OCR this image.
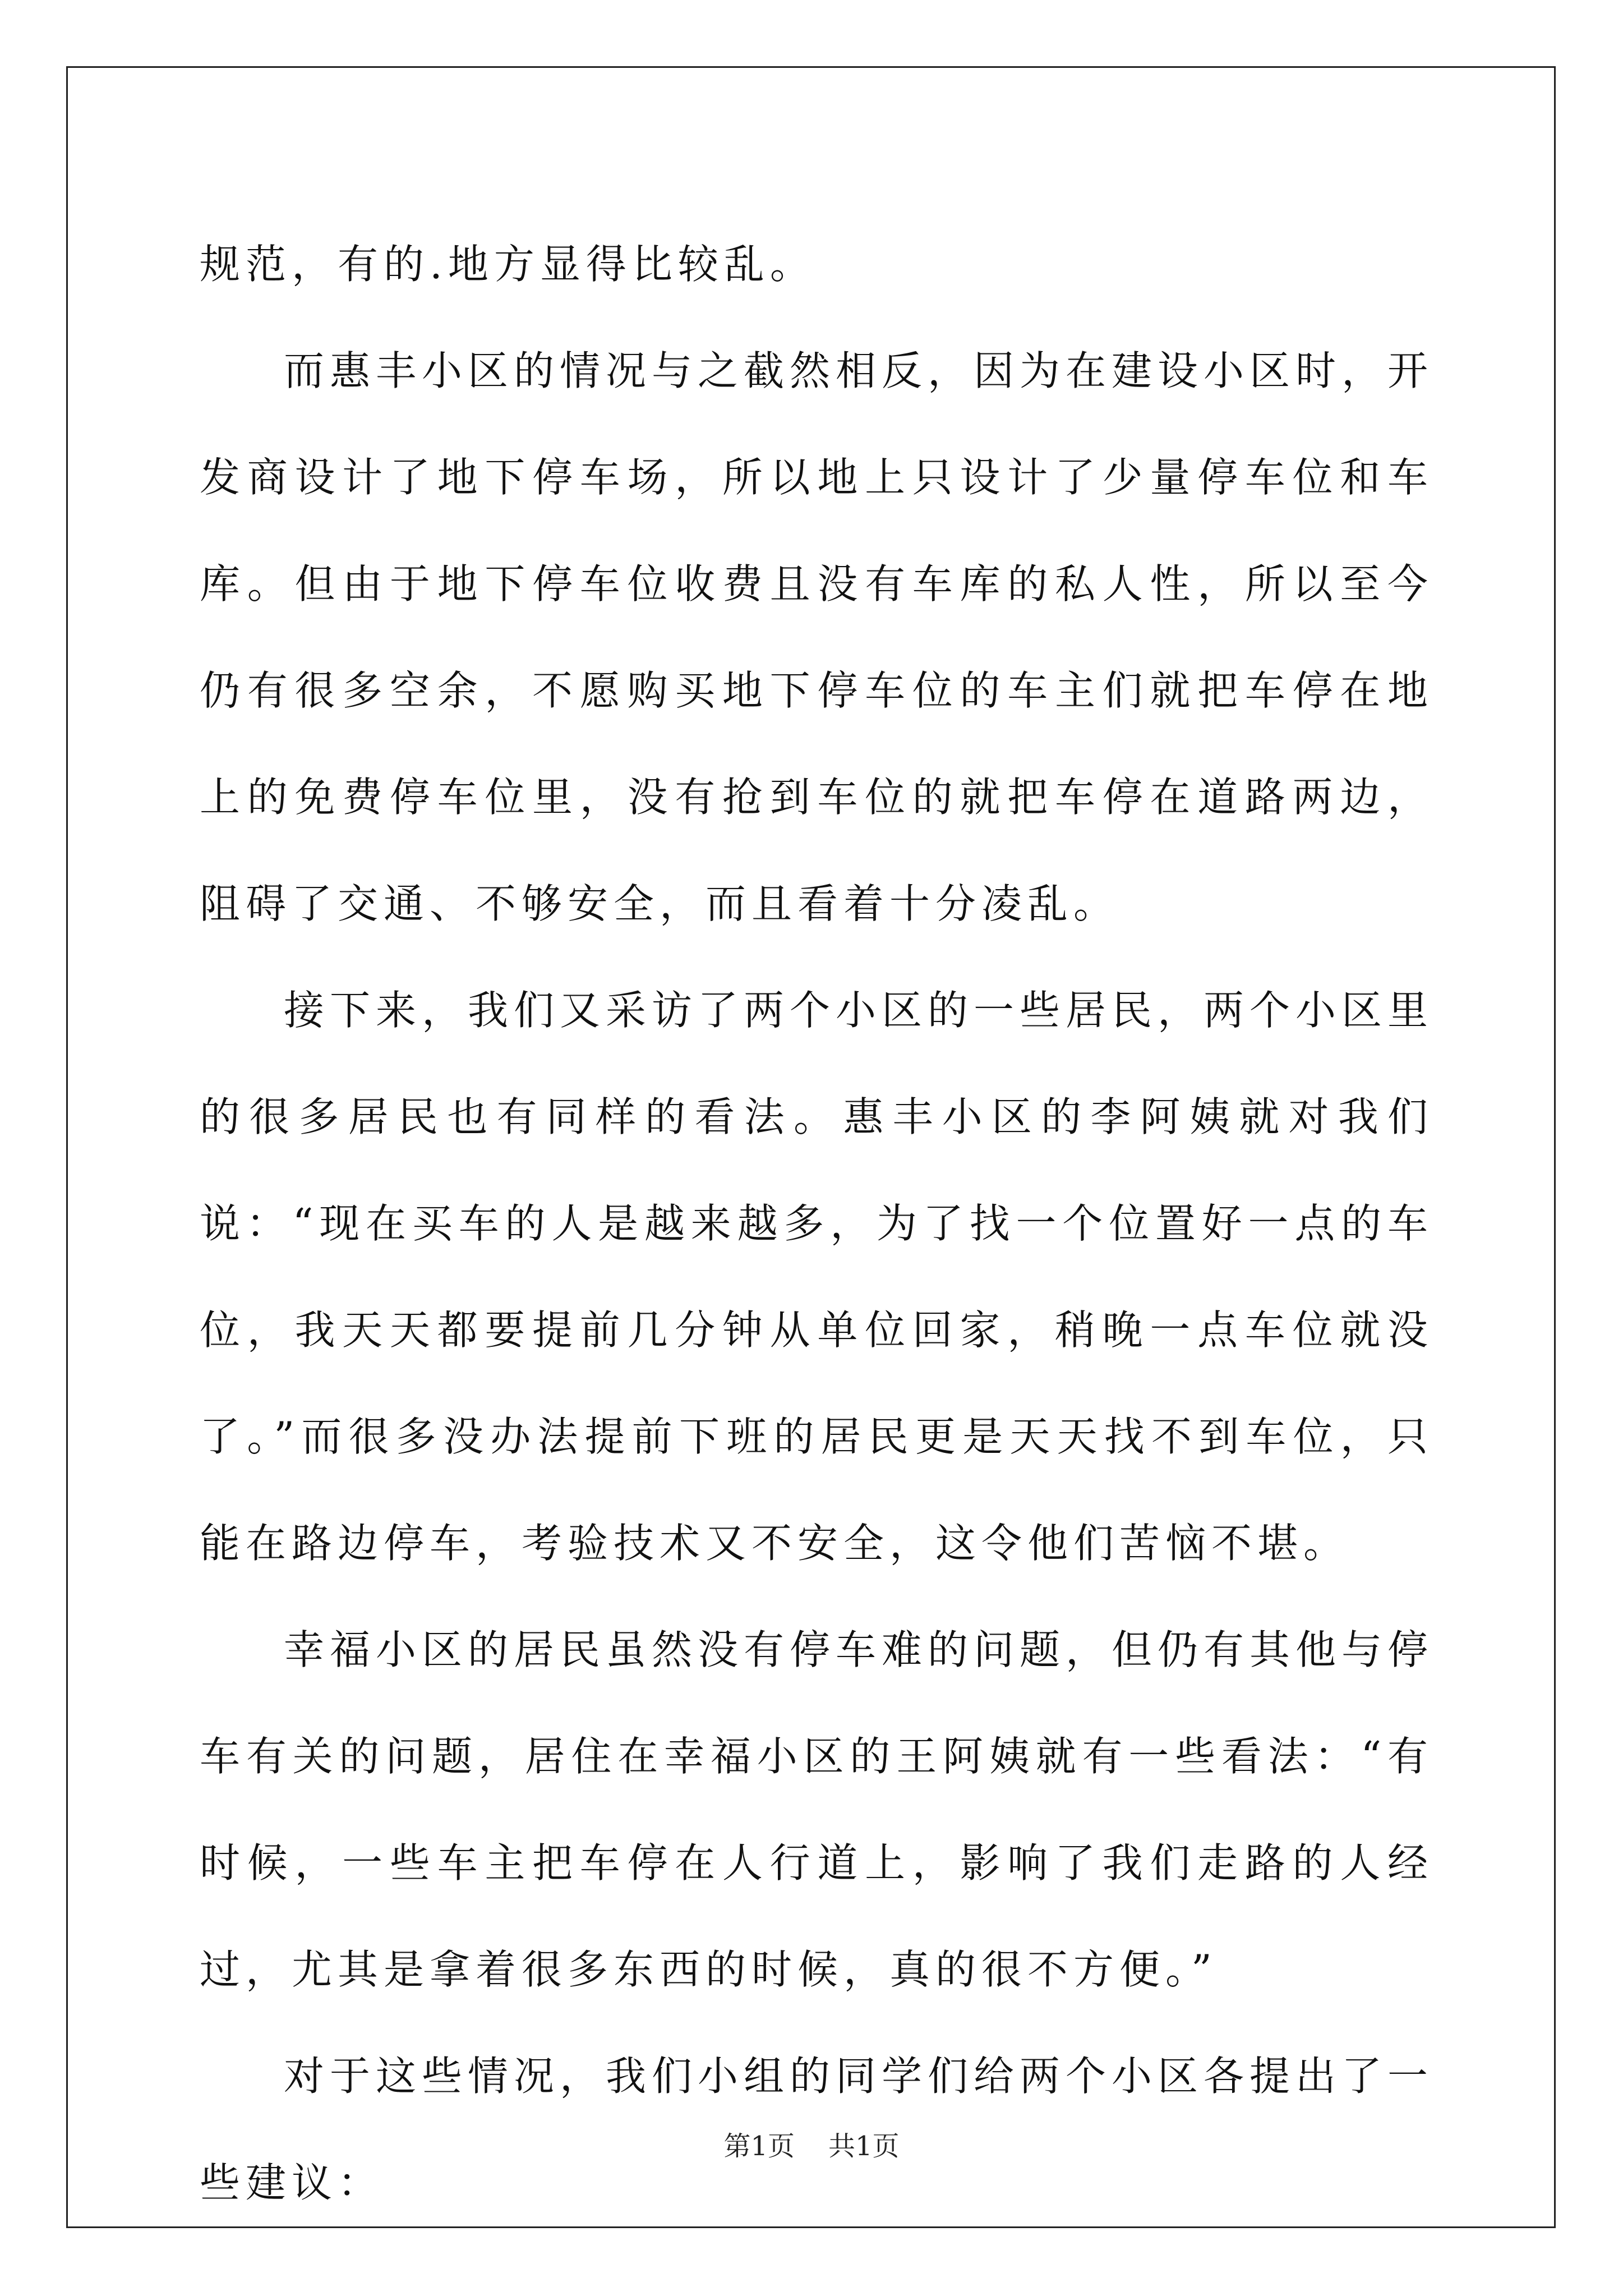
规范，有的.地方显得比较乱。

而惠丰小区的情况与之截然相反，因为在建设小区时，开发商设计了地下停车场，所以地上只设计了少量停车位和车库。但由于地下停车位收费且没有车库的私人性，所以至今仍有很多空余，不愿购买地下停车位的车主们就把车停在地上的免费停车位里，没有抢到车位的就把车停在道路两边，阻碍了交通、不够安全，而且看着十分凌乱。

接下来，我们又采访了两个小区的一些居民，两个小区里的很多居民也有同样的看法。惠丰小区的李阿姨就对我们说：“现在买车的人是越来越多，为了找一个位置好一点的车位，我天天都要提前几分钟从单位回家，稍晚一点车位就没了。”而很多没办法提前下班的居民更是天天找不到车位，只能在路边停车，考验技术又不安全，这令他们苦恼不堪。

幸福小区的居民虽然没有停车难的问题，但仍有其他与停车有关的问题，居住在幸福小区的王阿姨就有一些看法：“有时候，一些车主把车停在人行道上，影响了我们走路的人经过，尤其是拿着很多东西的时候，真的很不方便。”

对于这些情况，我们小组的同学们给两个小区各提出了一些建议：

第1页 共1页
